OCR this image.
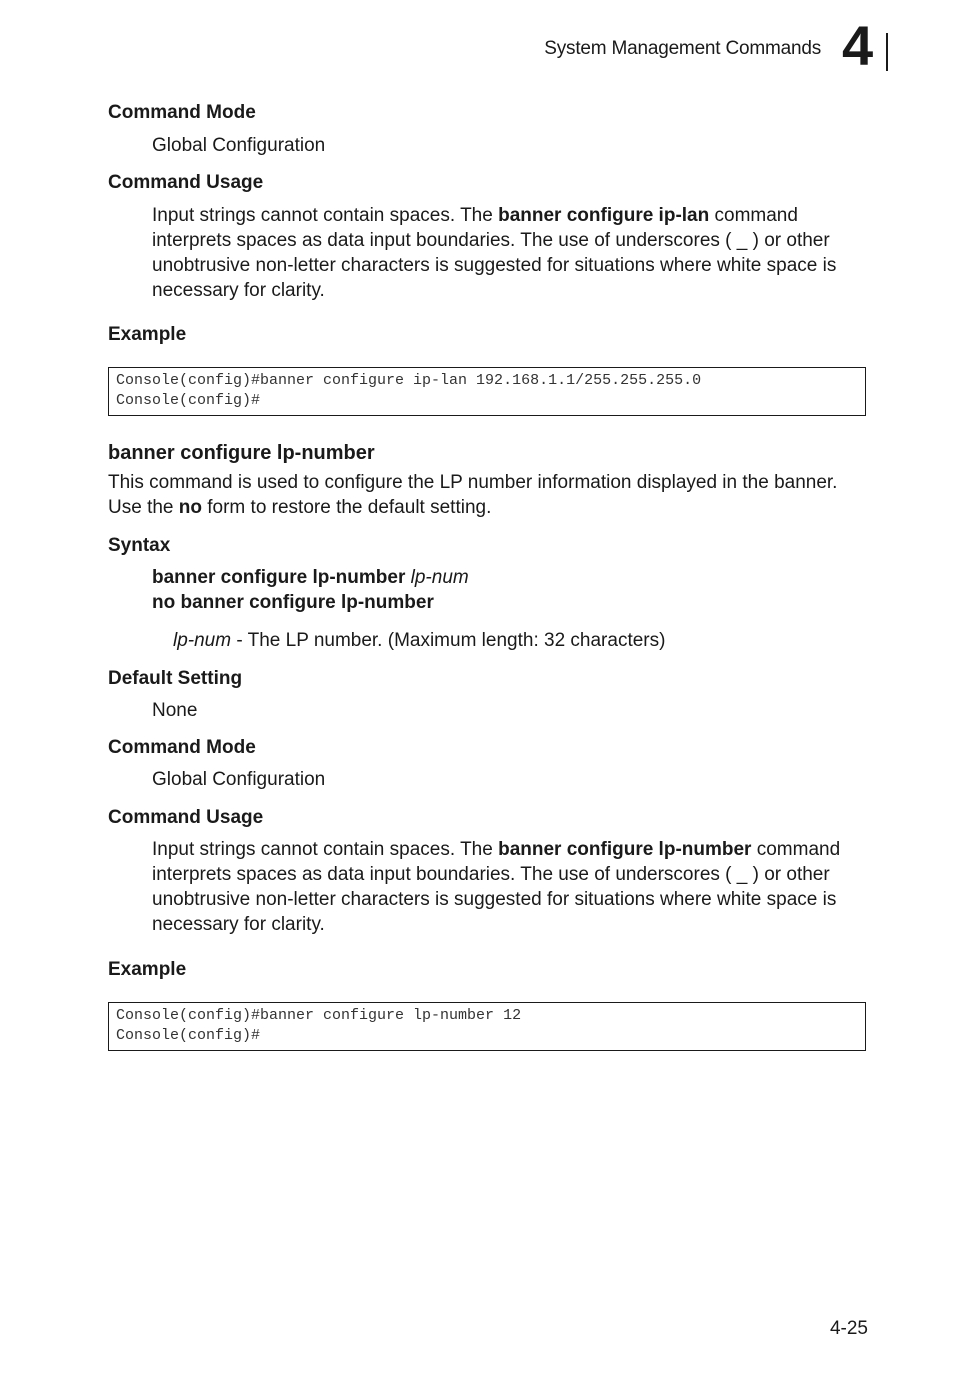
System Management Commands 4
Command Mode
Global Configuration
Command Usage
Input strings cannot contain spaces. The banner configure ip-lan command interprets spaces as data input boundaries. The use of underscores ( _ ) or other unobtrusive non-letter characters is suggested for situations where white space is necessary for clarity.
Example
Console(config)#banner configure ip-lan 192.168.1.1/255.255.255.0
Console(config)#
banner configure lp-number
This command is used to configure the LP number information displayed in the banner. Use the no form to restore the default setting.
Syntax
banner configure lp-number lp-num
no banner configure lp-number
lp-num - The LP number. (Maximum length: 32 characters)
Default Setting
None
Command Mode
Global Configuration
Command Usage
Input strings cannot contain spaces. The banner configure lp-number command interprets spaces as data input boundaries. The use of underscores ( _ ) or other unobtrusive non-letter characters is suggested for situations where white space is necessary for clarity.
Example
Console(config)#banner configure lp-number 12
Console(config)#
4-25
